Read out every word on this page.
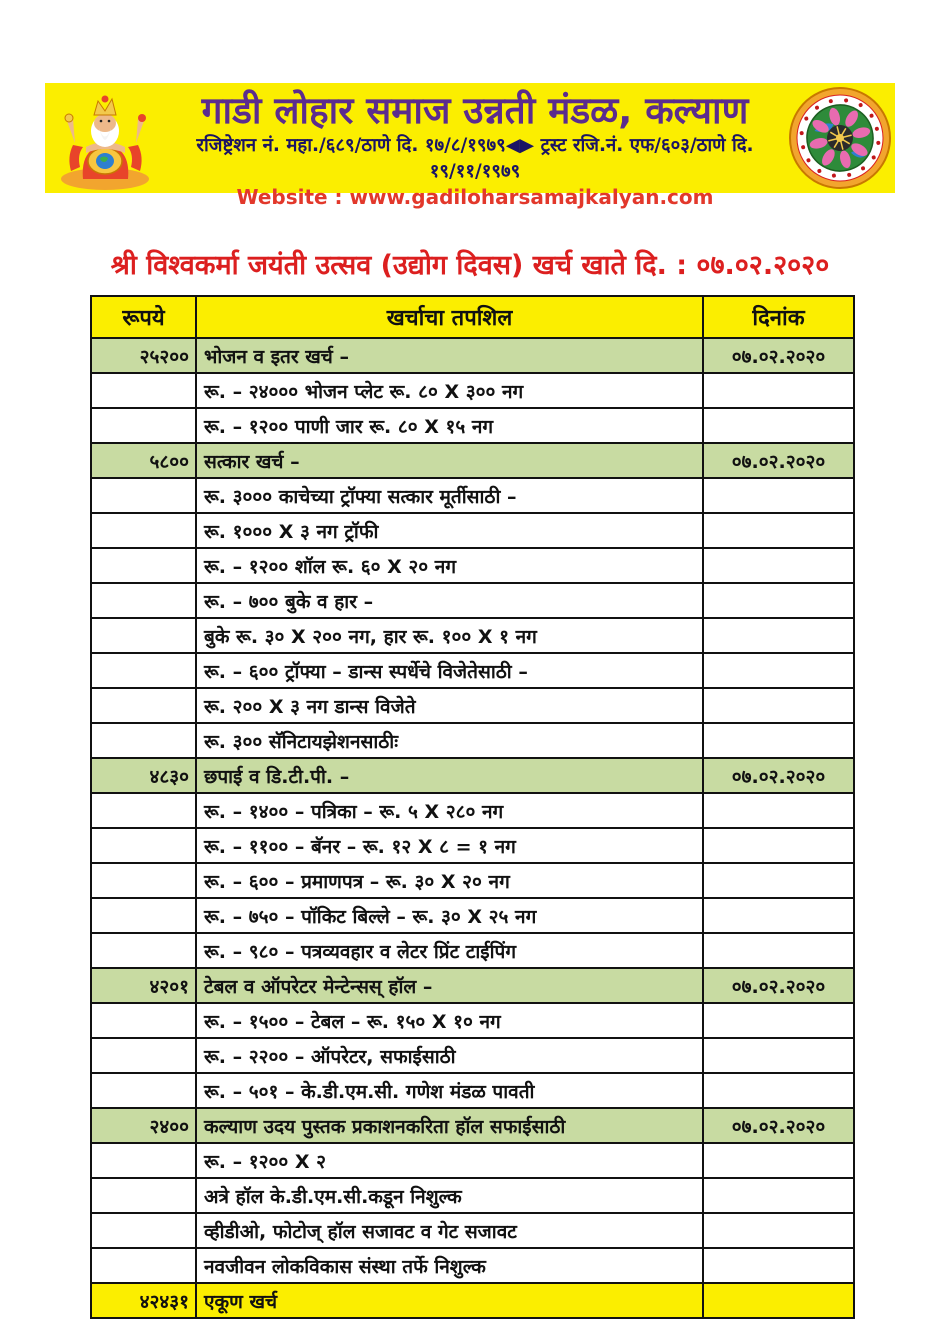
गाडी लोहार समाज उन्नती मंडळ, कल्याण
रजिष्ट्रेशन नं. महा./६८९/ठाणे दि. १७/८/१९७९◀▶ ट्रस्ट रजि.नं. एफ/६०३/ठाणे दि. १९/११/१९७९
Website : www.gadiloharsamajkalyan.com
श्री विश्वकर्मा जयंती उत्सव (उद्योग दिवस) खर्च खाते दि. : ०७.०२.२०२०
रूपये	खर्चाचा तपशिल	दिनांक
२५२००	भोजन व इतर खर्च –	०७.०२.२०२०
	रू. – २४००० भोजन प्लेट रू. ८० X ३०० नग	
	रू. – १२०० पाणी जार रू. ८० X १५ नग	
५८००	सत्कार खर्च –	०७.०२.२०२०
	रू. ३००० काचेच्या ट्रॉफ्या सत्कार मूर्तीसाठी –	
	रू. १००० X ३ नग ट्रॉफी	
	रू. – १२०० शॉल रू. ६० X २० नग	
	रू. – ७०० बुके व हार –	
	बुके रू. ३० X २०० नग, हार रू. १०० X १ नग	
	रू. – ६०० ट्रॉफ्या – डान्स स्पर्धेचे विजेतेसाठी –	
	रू. २०० X ३ नग डान्स विजेते	
	रू. ३०० सॅनिटायझेशनसाठीः	
४८३०	छपाई व डि.टी.पी. –	०७.०२.२०२०
	रू. – १४०० – पत्रिका – रू. ५ X २८० नग	
	रू. – ११०० – बॅनर – रू. १२ X ८ = १ नग	
	रू. – ६०० – प्रमाणपत्र – रू. ३० X २० नग	
	रू. – ७५० – पॉकिट बिल्ले – रू. ३० X २५ नग	
	रू. – ९८० – पत्रव्यवहार व लेटर प्रिंट टाईपिंग	
४२०१	टेबल व ऑपरेटर मेन्टेन्सस् हॉल –	०७.०२.२०२०
	रू. – १५०० – टेबल – रू. १५० X १० नग	
	रू. – २२०० – ऑपरेटर, सफाईसाठी	
	रू. – ५०१ – के.डी.एम.सी. गणेश मंडळ पावती	
२४००	कल्याण उदय पुस्तक प्रकाशनकरिता हॉल सफाईसाठी	०७.०२.२०२०
	रू. – १२०० X २	
	अत्रे हॉल के.डी.एम.सी.कडून निशुल्क	
	व्हीडीओ, फोटोज् हॉल सजावट व गेट सजावट	
	नवजीवन लोकविकास संस्था तर्फे निशुल्क	
४२४३१	एकूण खर्च	
